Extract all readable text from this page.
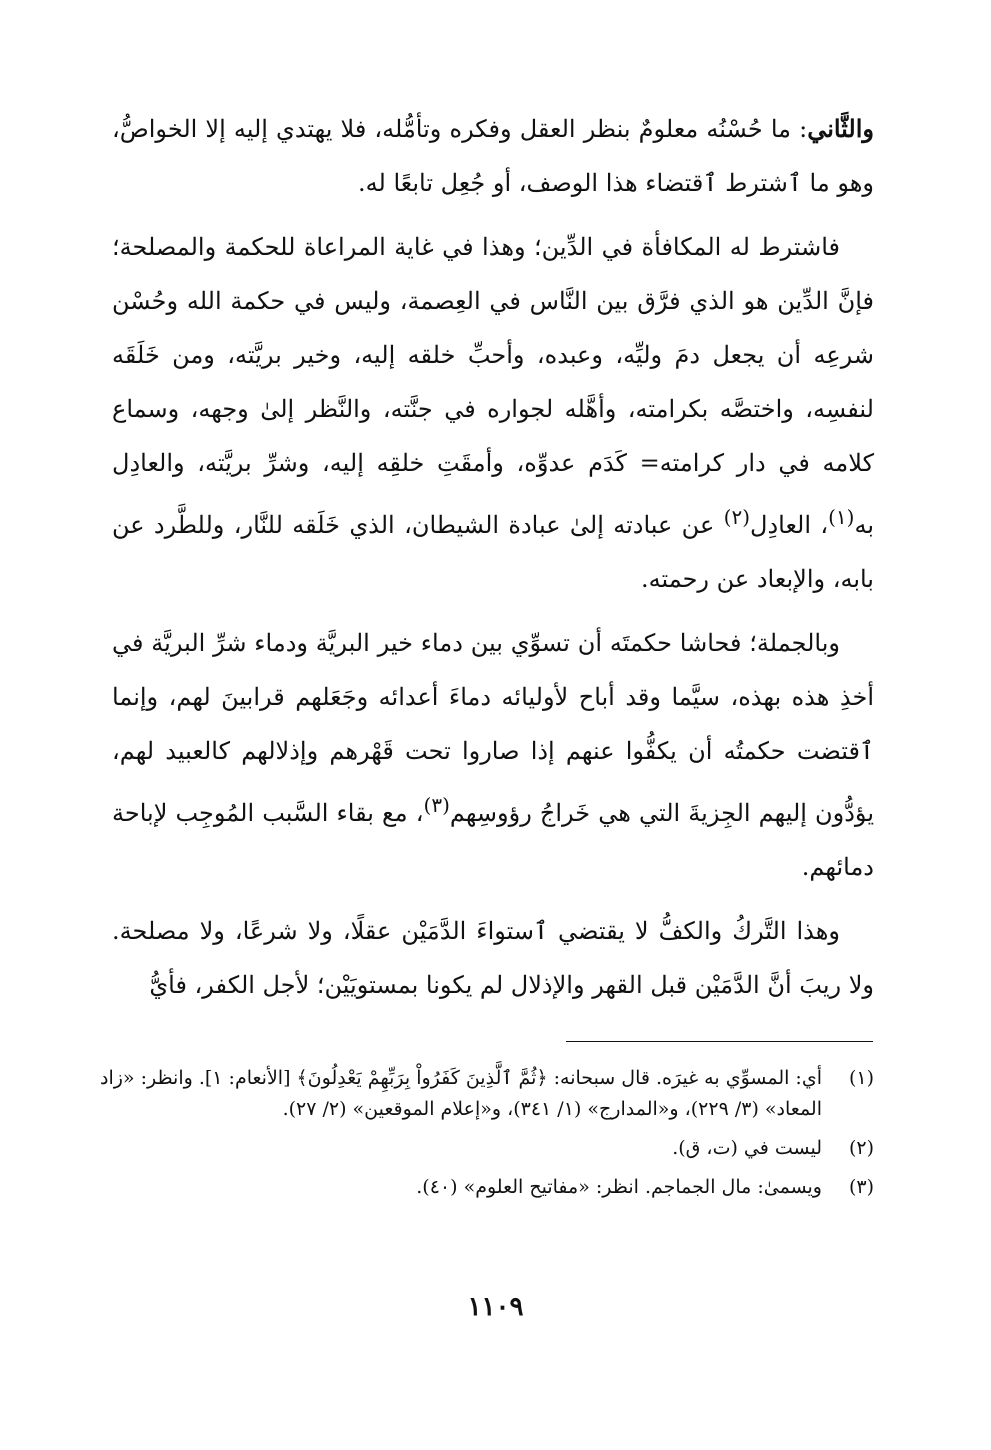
والثَّاني: ما حُسْنُه معلومٌ بنظر العقل وفكره وتأمُّله، فلا يهتدي إليه إلا الخواصُّ، وهو ما ٱشترط ٱقتضاء هذا الوصف، أو جُعِل تابعًا له.

فاشترط له المكافأة في الدِّين؛ وهذا في غاية المراعاة للحكمة والمصلحة؛ فإنَّ الدِّين هو الذي فرَّق بين النَّاس في العِصمة، وليس في حكمة الله وحُسْن شرعِه أن يجعل دمَ وليِّه، وعبده، وأحبِّ خلقه إليه، وخير بريَّته، ومن خَلَقَه لنفسِه، واختصَّه بكرامته، وأهَّله لجواره في جنَّته، والنَّظر إلىٰ وجهه، وسماع كلامه في دار كرامته= كَدَم عدوِّه، وأمقَتِ خلقِه إليه، وشرِّ بريَّته، والعادِل به$^{(١)}$، العادِل$^{(٢)}$ عن عبادته إلىٰ عبادة الشيطان، الذي خَلَقه للنَّار، وللطَّرد عن بابه، والإبعاد عن رحمته.

وبالجملة؛ فحاشا حكمتَه أن تسوِّي بين دماء خير البريَّة ودماء شرِّ البريَّة في أخذِ هذه بهذه، سيَّما وقد أباح لأوليائه دماءَ أعدائه وجَعَلهم قرابينَ لهم، وإنما ٱقتضت حكمتُه أن يكفُّوا عنهم إذا صاروا تحت قَهْرهم وإذلالهم كالعبيد لهم، يؤدُّون إليهم الجِزيةَ التي هي خَراجُ رؤوسِهم$^{(٣)}$، مع بقاء السَّبب المُوجِب لإباحة دمائهم.

وهذا التَّركُ والكفُّ لا يقتضي ٱستواءَ الدَّمَيْن عقلًا، ولا شرعًا، ولا مصلحة. ولا ريبَ أنَّ الدَّمَيْن قبل القهر والإذلال لم يكونا بمستويَيْن؛ لأجل الكفر، فأيُّ

(١)
أي: المسوِّي به غيرَه. قال سبحانه: ﴿ثُمَّ ٱلَّذِينَ كَفَرُواْ بِرَبِّهِمْ يَعْدِلُونَ﴾ [الأنعام: ١]. وانظر: «زاد المعاد» (٣/ ٢٢٩)، و«المدارج» (١/ ٣٤١)، و«إعلام الموقعين» (٢/ ٢٧).
(٢)
ليست في (ت، ق).
(٣)
ويسمىٰ: مال الجماجم. انظر: «مفاتيح العلوم» (٤٠).
١١٠٩
